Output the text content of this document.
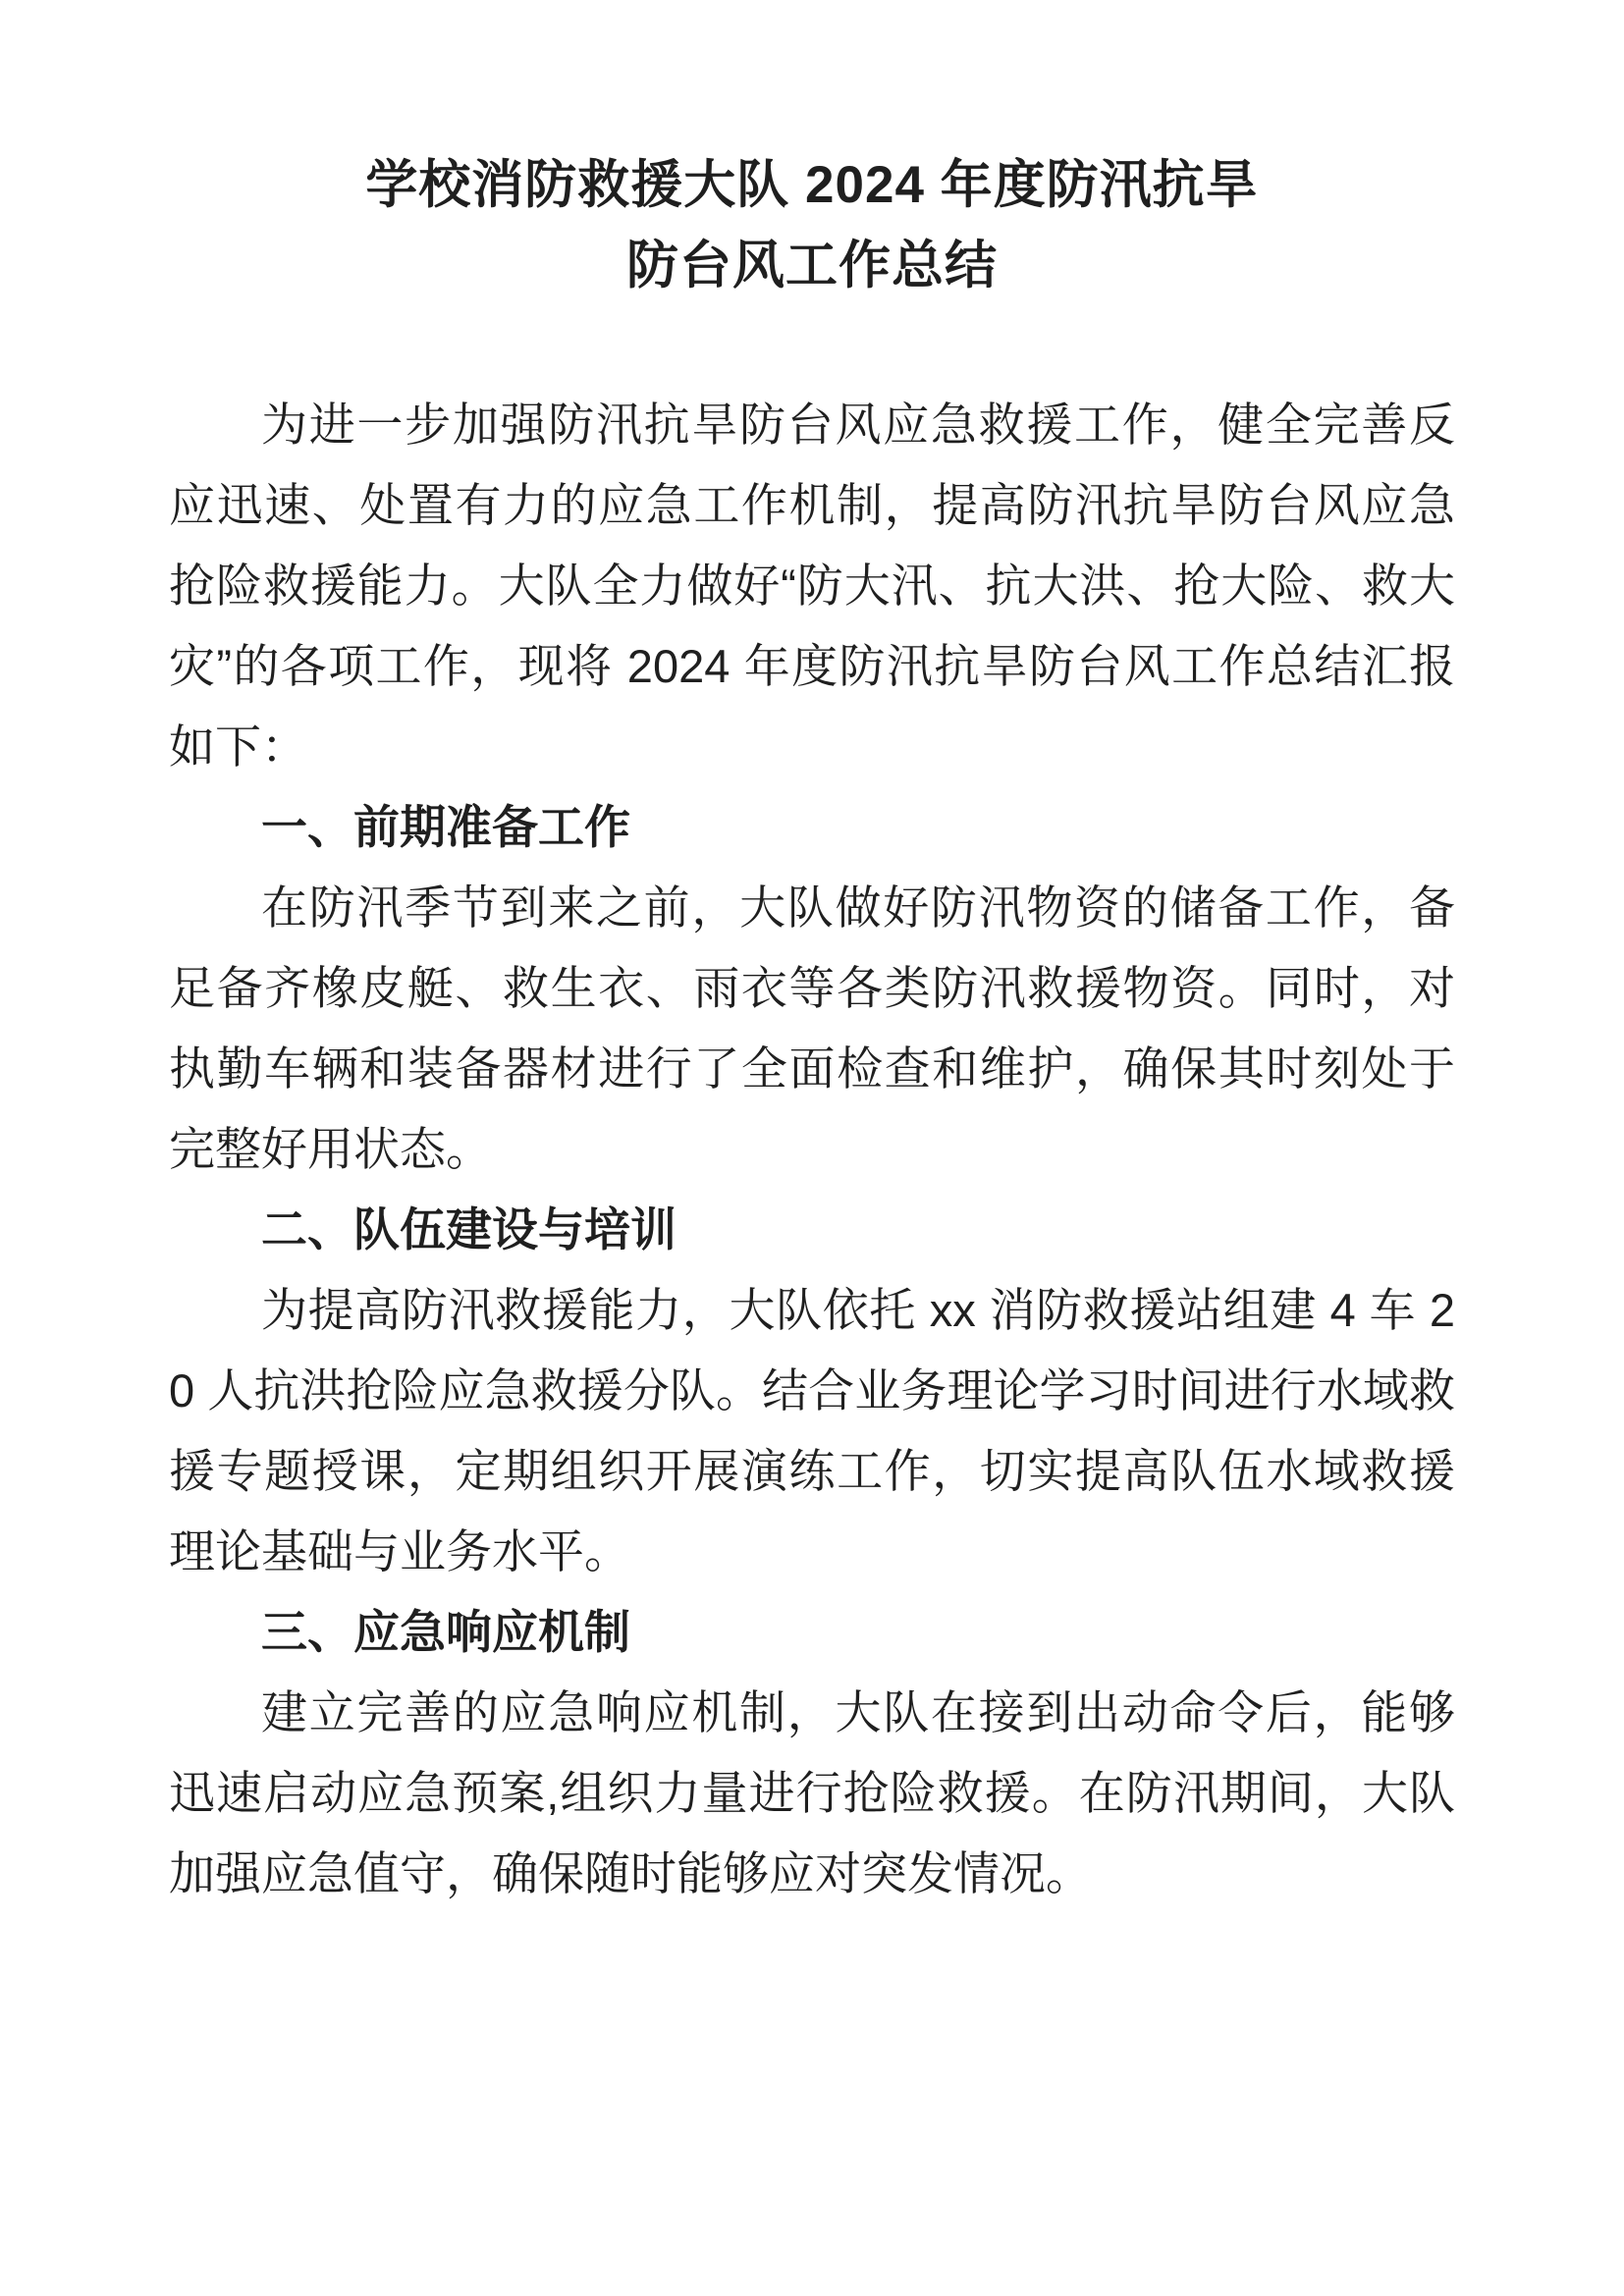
学校消防救援大队 2024 年度防汛抗旱
防台风工作总结

为进一步加强防汛抗旱防台风应急救援工作，健全完善反应迅速、处置有力的应急工作机制，提高防汛抗旱防台风应急抢险救援能力。大队全力做好“防大汛、抗大洪、抢大险、救大灾”的各项工作，现将 2024 年度防汛抗旱防台风工作总结汇报如下：

一、前期准备工作

在防汛季节到来之前，大队做好防汛物资的储备工作，备足备齐橡皮艇、救生衣、雨衣等各类防汛救援物资。同时，对执勤车辆和装备器材进行了全面检查和维护，确保其时刻处于完整好用状态。

二、队伍建设与培训

为提高防汛救援能力，大队依托 xx 消防救援站组建 4 车 20 人抗洪抢险应急救援分队。结合业务理论学习时间进行水域救援专题授课，定期组织开展演练工作，切实提高队伍水域救援理论基础与业务水平。

三、应急响应机制

建立完善的应急响应机制，大队在接到出动命令后，能够迅速启动应急预案,组织力量进行抢险救援。在防汛期间，大队加强应急值守，确保随时能够应对突发情况。
